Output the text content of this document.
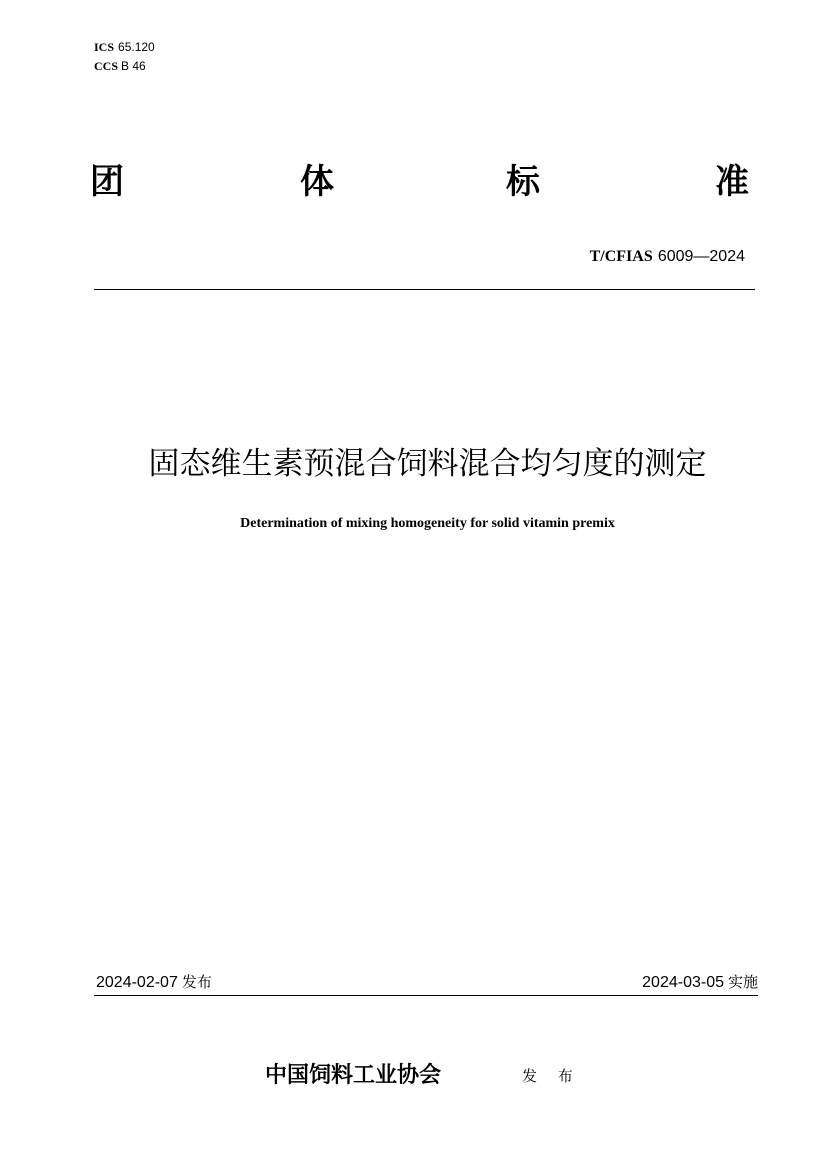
ICS 65.120
CCS B 46
团	体	标	准
T/CFIAS 6009—2024
固态维生素预混合饲料混合均匀度的测定
Determination of mixing homogeneity for solid vitamin premix
2024-02-07 发布	2024-03-05 实施
中国饲料工业协会	发 布
